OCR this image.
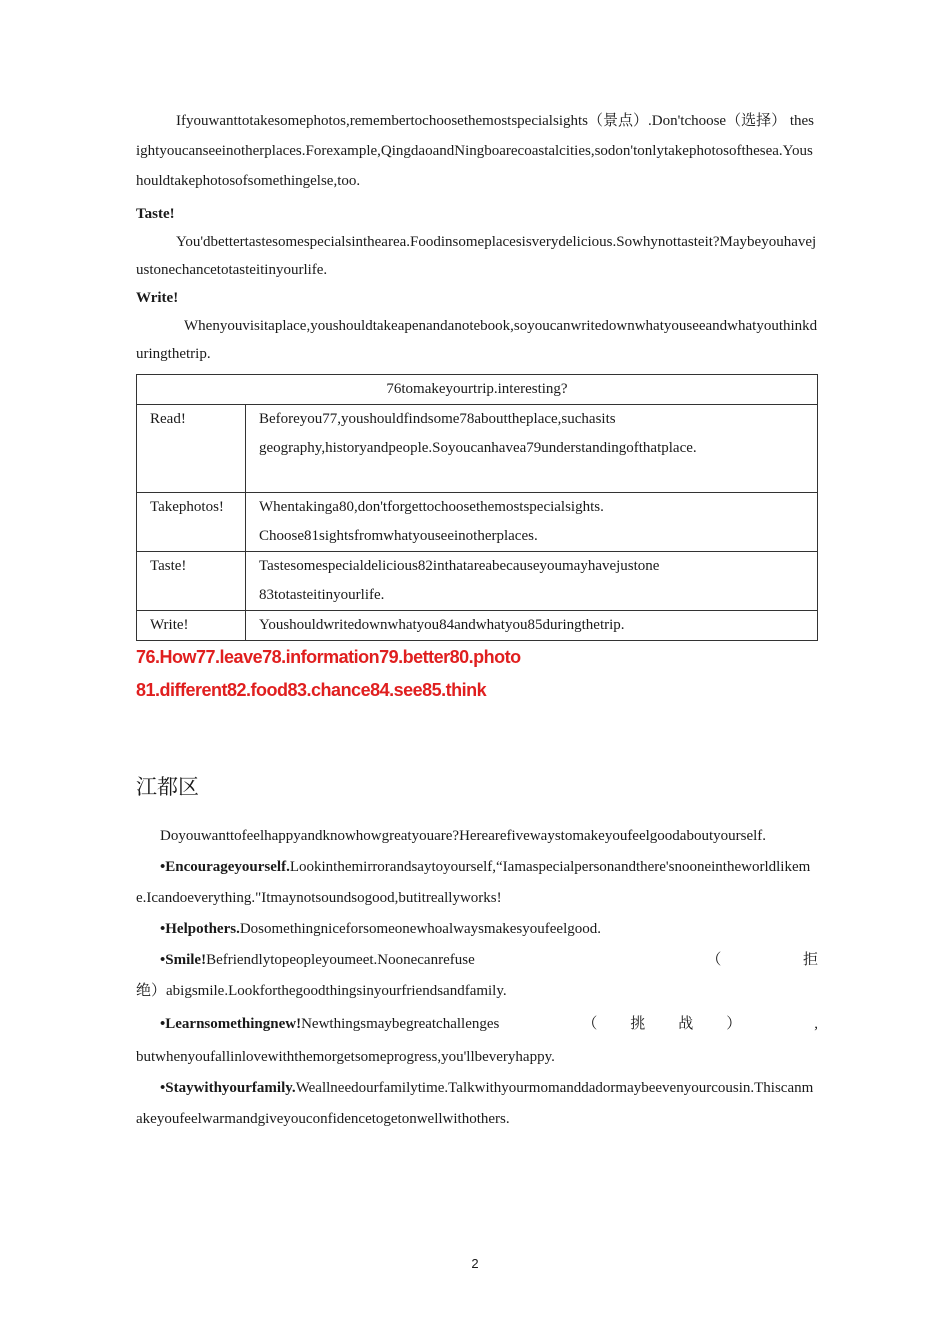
Ifyouwanttotakesomephotos,remembertochoosethemostspecialsights（景点）.Don'tchoose（选择） thesightyoucanseeinotherplaces.Forexample,QingdaoandNingboarecoastalcities,sodon'tonlytakephotosofthesea.Youshouldtakephotosofsomethingelse,too.

Taste!

You'dbettertastesomespecialsinthearea.Foodinsomeplacesisverydelicious.Sowhynottasteit?Maybeyouhavejustonechancetotasteitinyourlife.

Write!

Whenyouvisitaplace,youshouldtakeapenandanotebook,soyoucanwritedownwhatyouseeandwhatyouthinkduringthetrip.

76tomakeyourtrip.interesting?	
Read!	Beforeyou77,youshouldfindsome78abouttheplace,suchasits
geography,historyandpeople.Soyoucanhavea79understandingofthatplace.

Takephotos!	Whentakinga80,don'tforgettochoosethemostspecialsights.
Choose81sightsfromwhatyouseeinotherplaces.

Taste!	Tastesomespecialdelicious82inthatareabecauseyoumayhavejustone
83totasteitinyourlife.

Write!	Youshouldwritedownwhatyou84andwhatyou85duringthetrip.
76.How77.leave78.information79.better80.photo
81.different82.food83.chance84.see85.think
江都区

Doyouwanttofeelhappyandknowhowgreatyouare?Herearefivewaystomakeyoufeelgoodaboutyourself.

•Encourageyourself.Lookinthemirrorandsaytoyourself,“Iamaspecialpersonandthere'snooneintheworldlikeme.Icandoeverything."Itmaynotsoundsogood,butitreallyworks!

•Helpothers.Dosomethingniceforsomeonewhoalwaysmakesyoufeelgood.

•Smile!Befriendlytopeopleyoumeet.Noonecanrefuse	（	拒

绝）abigsmile.Lookforthegoodthingsinyourfriendsandfamily.

•Learnsomethingnew!Newthingsmaybegreatchallenges	（ 挑 战 ）	,

butwhenyoufallinlovewiththemorgetsomeprogress,you'llbeveryhappy.

•Staywithyourfamily.Weallneedourfamilytime.Talkwithyourmomanddadormaybeevenyourcousin.Thiscanmakeyoufeelwarmandgiveyouconfidencetogetonwellwithothers.

2
